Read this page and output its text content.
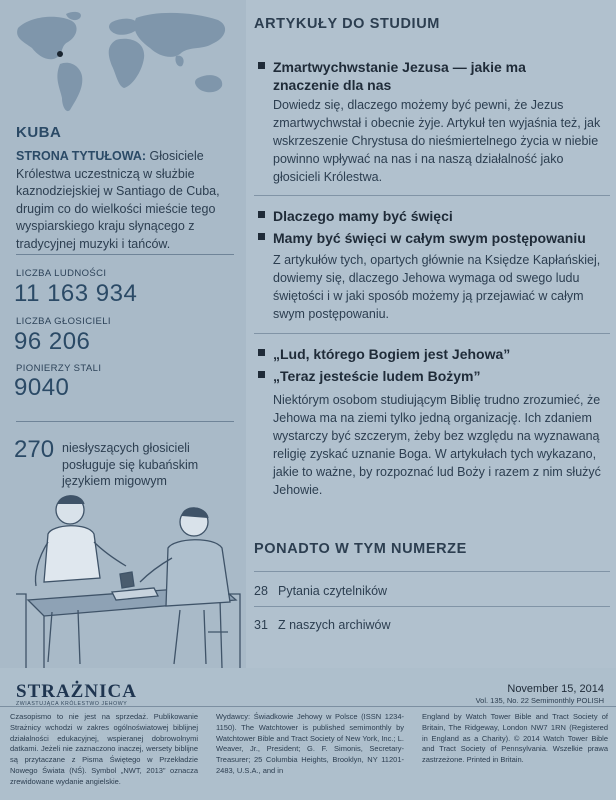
KUBA
STRONA TYTUŁOWA: Głosiciele Królestwa uczestniczą w służbie kaznodziejskiej w Santiago de Cuba, drugim co do wielkości mieście tego wyspiarskiego kraju słynącego z tradycyjnej muzyki i tańców.
LICZBA LUDNOŚCI
11 163 934
LICZBA GŁOSICIELI
96 206
PIONIERZY STALI
9040
270 niesłyszących głosicieli posługuje się kubańskim językiem migowym
ARTYKUŁY DO STUDIUM
Zmartwychwstanie Jezusa — jakie ma znaczenie dla nas
Dowiedz się, dlaczego możemy być pewni, że Jezus zmartwychwstał i obecnie żyje. Artykuł ten wyjaśnia też, jak wskrzeszenie Chrystusa do nieśmiertelnego życia w niebie powinno wpływać na nas i na naszą działalność jako głosicieli Królestwa.
Dlaczego mamy być święci
Mamy być święci w całym swym postępowaniu
Z artykułów tych, opartych głównie na Księdze Kapłańskiej, dowiemy się, dlaczego Jehowa wymaga od swego ludu świętości i w jaki sposób możemy ją przejawiać w całym swym postępowaniu.
„Lud, którego Bogiem jest Jehowa”
„Teraz jesteście ludem Bożym”
Niektórym osobom studiującym Biblię trudno zrozumieć, że Jehowa ma na ziemi tylko jedną organizację. Ich zdaniem wystarczy być szczerym, żeby bez względu na wyznawaną religię zyskać uznanie Boga. W artykułach tych wykazano, jakie to ważne, by rozpoznać lud Boży i razem z nim służyć Jehowie.
PONADTO W TYM NUMERZE
28 Pytania czytelników
31 Z naszych archiwów
STRAŻNICA
ZWIASTUJĄCA KRÓLESTWO JEHOWY
November 15, 2014
Vol. 135, No. 22 Semimonthly POLISH
Czasopismo to nie jest na sprzedaż. Publikowanie Strażnicy wchodzi w zakres ogólnoświatowej biblijnej działalności edukacyjnej, wspieranej dobrowolnymi datkami. Jeżeli nie zaznaczono inaczej, wersety biblijne są przytaczane z Pisma Świętego w Przekładzie Nowego Świata (NŚ). Symbol „NWT, 2013” oznacza zrewidowane wydanie angielskie.
Wydawcy: Świadkowie Jehowy w Polsce (ISSN 1234-1150). The Watchtower is published semimonthly by Watchtower Bible and Tract Society of New York, Inc.; L. Weaver, Jr., President; G. F. Simonis, Secretary-Treasurer; 25 Columbia Heights, Brooklyn, NY 11201-2483, U.S.A., and in
England by Watch Tower Bible and Tract Society of Britain, The Ridgeway, London NW7 1RN (Registered in England as a Charity). © 2014 Watch Tower Bible and Tract Society of Pennsylvania. Wszelkie prawa zastrzeżone. Printed in Britain.
